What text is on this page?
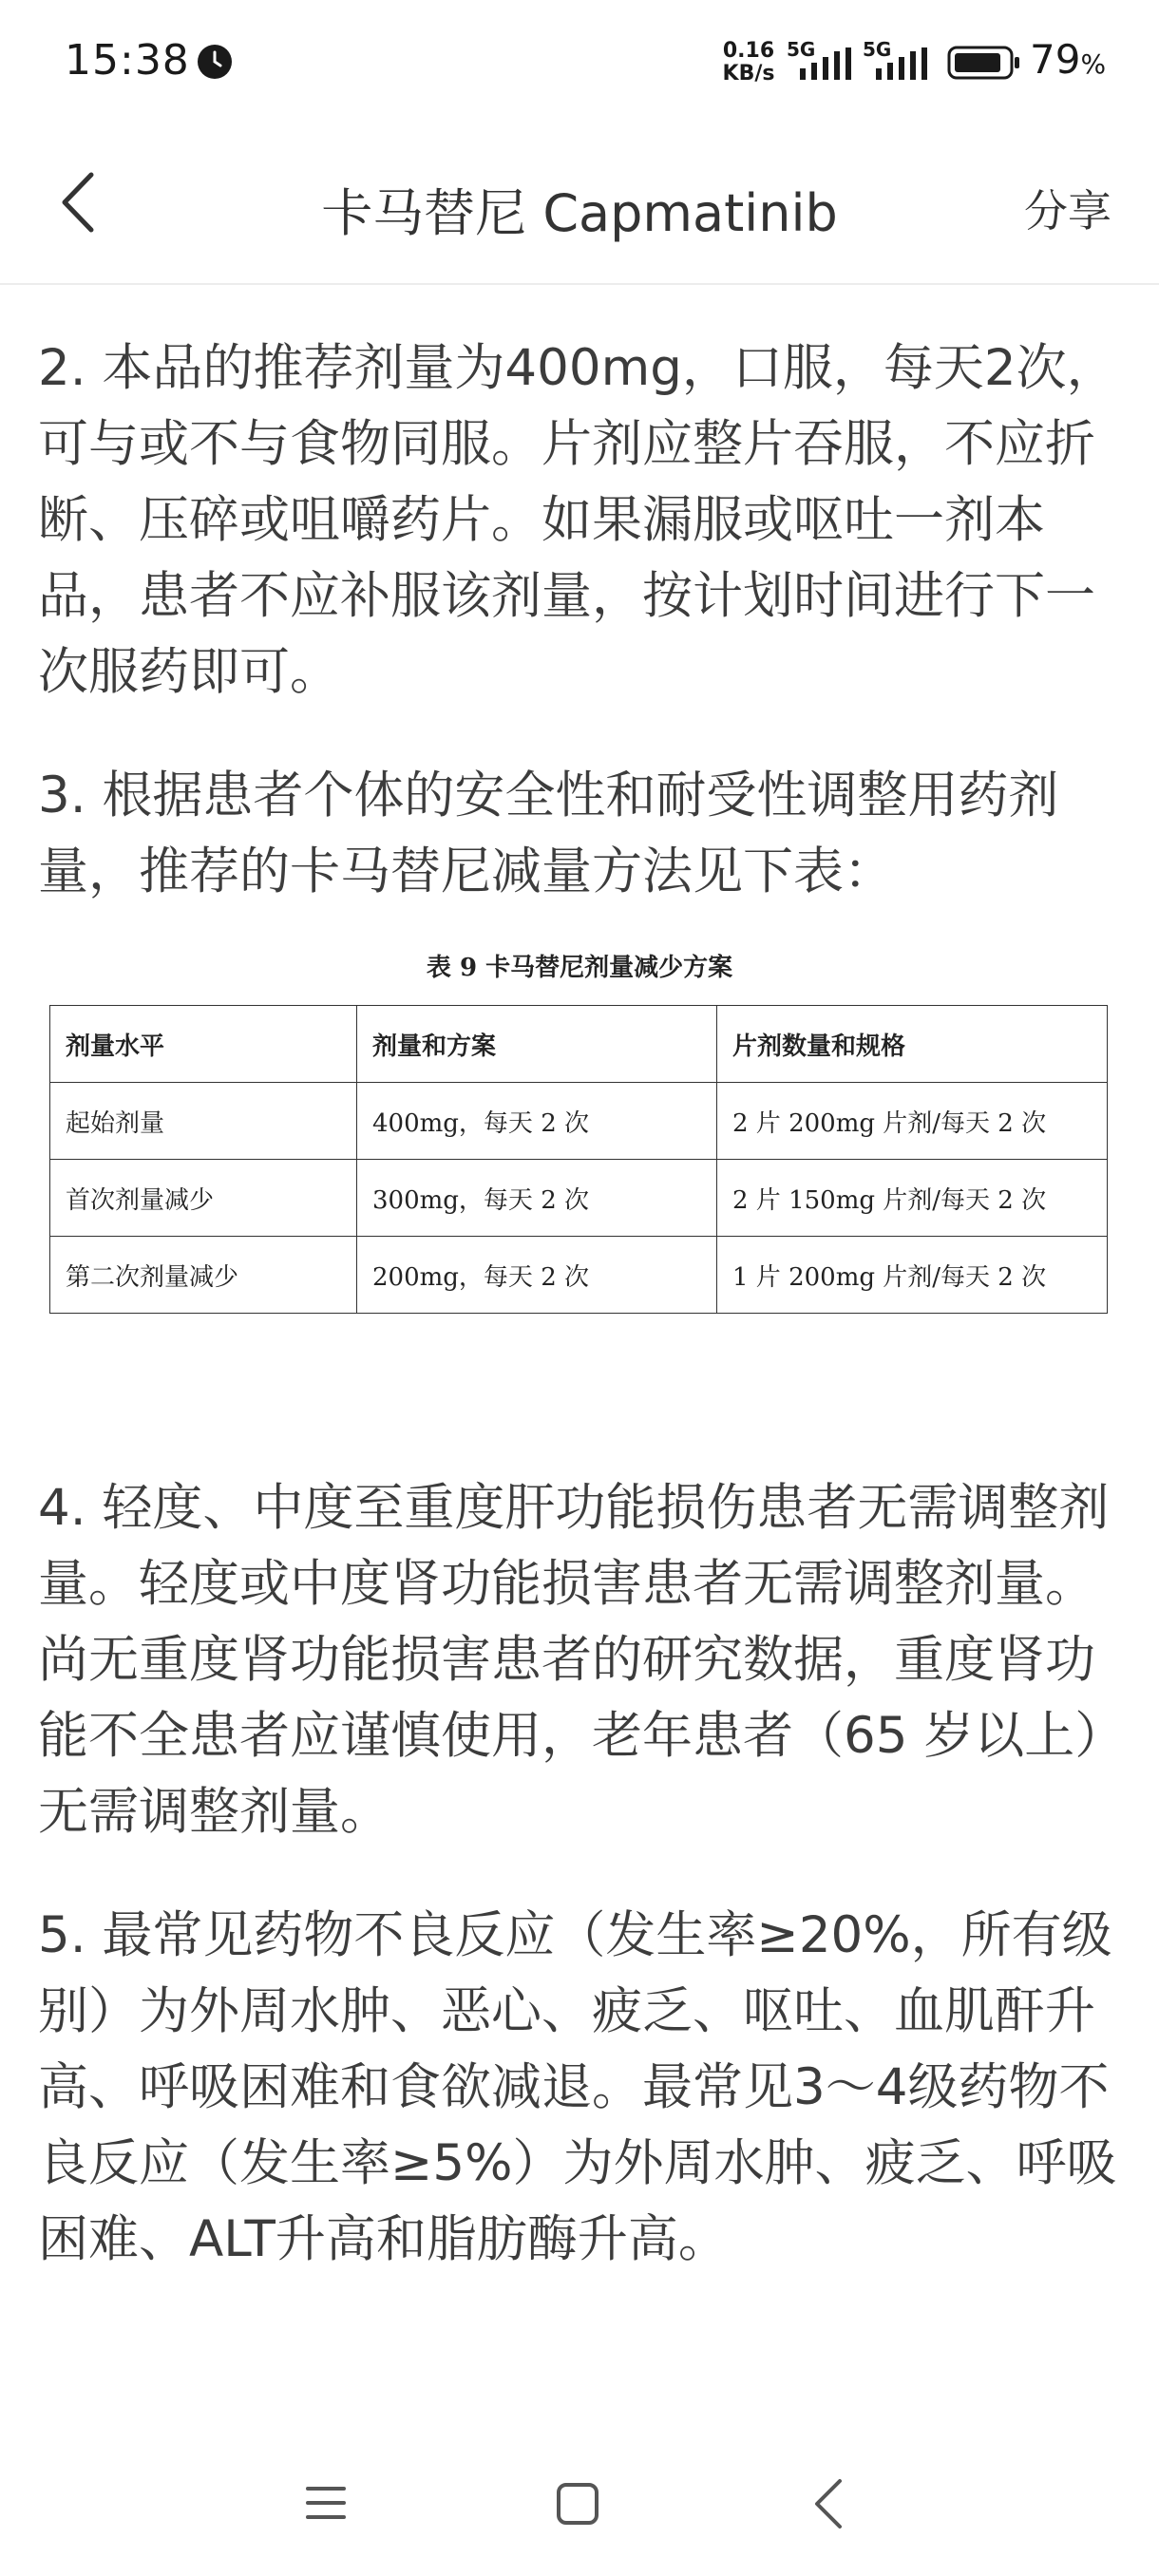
15:38	0.16
KB/s
5G 5G	79%
卡马替尼 Capmatinib	分享

2. 本品的推荐剂量为400mg，口服，每天2次，可与或不与食物同服。片剂应整片吞服，不应折断、压碎或咀嚼药片。如果漏服或呕吐一剂本品，患者不应补服该剂量，按计划时间进行下一次服药即可。

3. 根据患者个体的安全性和耐受性调整用药剂量，推荐的卡马替尼减量方法见下表：

表 9 卡马替尼剂量减少方案
剂量水平	剂量和方案	片剂数量和规格
起始剂量	400mg，每天 2 次	2 片 200mg 片剂/每天 2 次
首次剂量减少	300mg，每天 2 次	2 片 150mg 片剂/每天 2 次
第二次剂量减少	200mg，每天 2 次	1 片 200mg 片剂/每天 2 次

4. 轻度、中度至重度肝功能损伤患者无需调整剂量。轻度或中度肾功能损害患者无需调整剂量。尚无重度肾功能损害患者的研究数据，重度肾功能不全患者应谨慎使用，老年患者（65 岁以上）无需调整剂量。

5. 最常见药物不良反应（发生率≥20%，所有级别）为外周水肿、恶心、疲乏、呕吐、血肌酐升高、呼吸困难和食欲减退。最常见3～4级药物不良反应（发生率≥5%）为外周水肿、疲乏、呼吸困难、ALT升高和脂肪酶升高。
